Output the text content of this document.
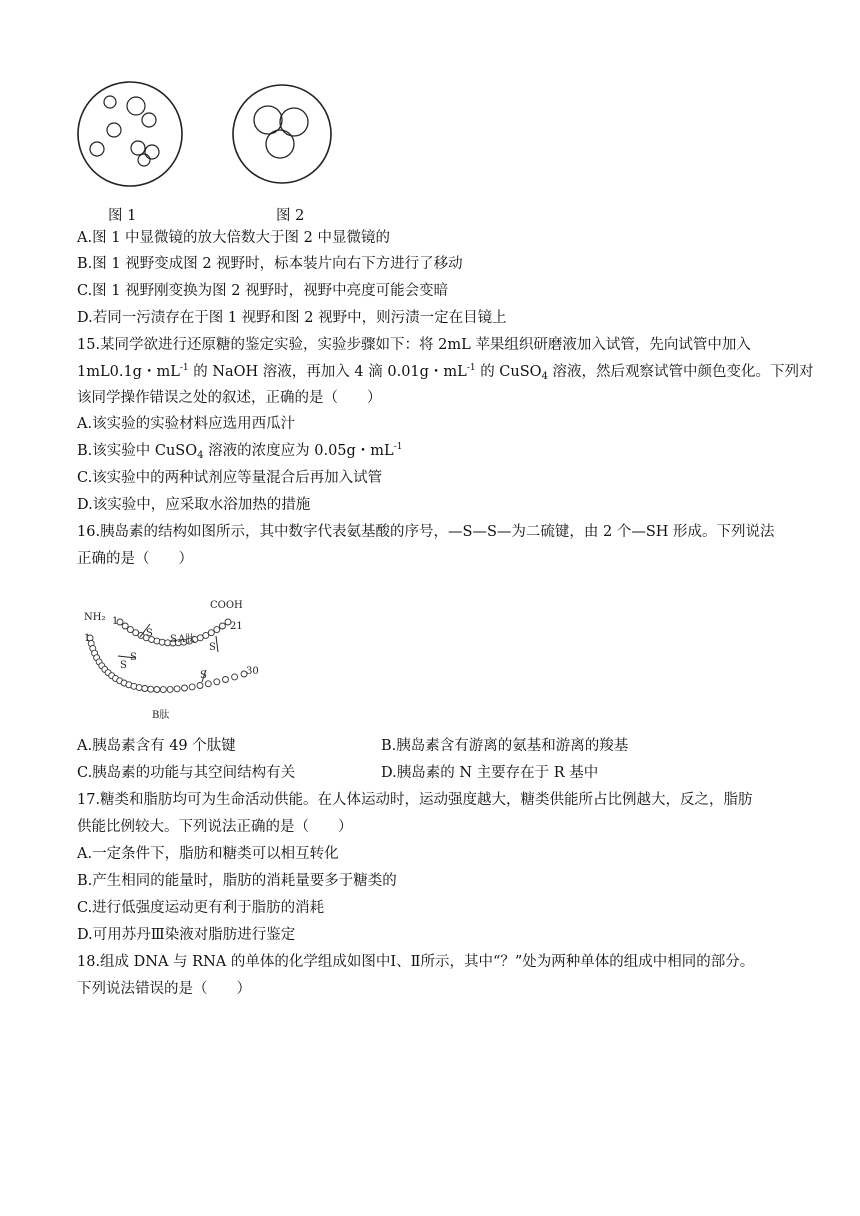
图 1	图 2
A.图 1 中显微镜的放大倍数大于图 2 中显微镜的
B.图 1 视野变成图 2 视野时，标本装片向右下方进行了移动
C.图 1 视野刚变换为图 2 视野时，视野中亮度可能会变暗
D.若同一污渍存在于图 1 视野和图 2 视野中，则污渍一定在目镜上
15.某同学欲进行还原糖的鉴定实验，实验步骤如下：将 2mL 苹果组织研磨液加入试管，先向试管中加入
1mL0.1g・$mL^{-1}$ 的 NaOH 溶液，再加入 4 滴 0.01g・$mL^{-1}$ 的 CuSO$_4$ 溶液，然后观察试管中颜色变化。下列对
该同学操作错误之处的叙述，正确的是（　　）
A.该实验的实验材料应选用西瓜汁
B.该实验中 CuSO$_4$ 溶液的浓度应为 0.05g・$mL^{-1}$
C.该实验中的两种试剂应等量混合后再加入试管
D.该实验中，应采取水浴加热的措施
16.胰岛素的结构如图所示，其中数字代表氨基酸的序号，—S—S—为二硫键，由 2 个—SH 形成。下列说法
正确的是（　　）
S
S
S
S
S
S
NH₂
COOH
1
1
21
30
A肽
B肽
A.胰岛素含有 49 个肽键	B.胰岛素含有游离的氨基和游离的羧基
C.胰岛素的功能与其空间结构有关	D.胰岛素的 N 主要存在于 R 基中
17.糖类和脂肪均可为生命活动供能。在人体运动时，运动强度越大，糖类供能所占比例越大，反之，脂肪
供能比例较大。下列说法正确的是（　　）
A.一定条件下，脂肪和糖类可以相互转化
B.产生相同的能量时，脂肪的消耗量要多于糖类的
C.进行低强度运动更有利于脂肪的消耗
D.可用苏丹Ⅲ染液对脂肪进行鉴定
18.组成 DNA 与 RNA 的单体的化学组成如图中Ⅰ、Ⅱ所示，其中“？”处为两种单体的组成中相同的部分。
下列说法错误的是（　　）
